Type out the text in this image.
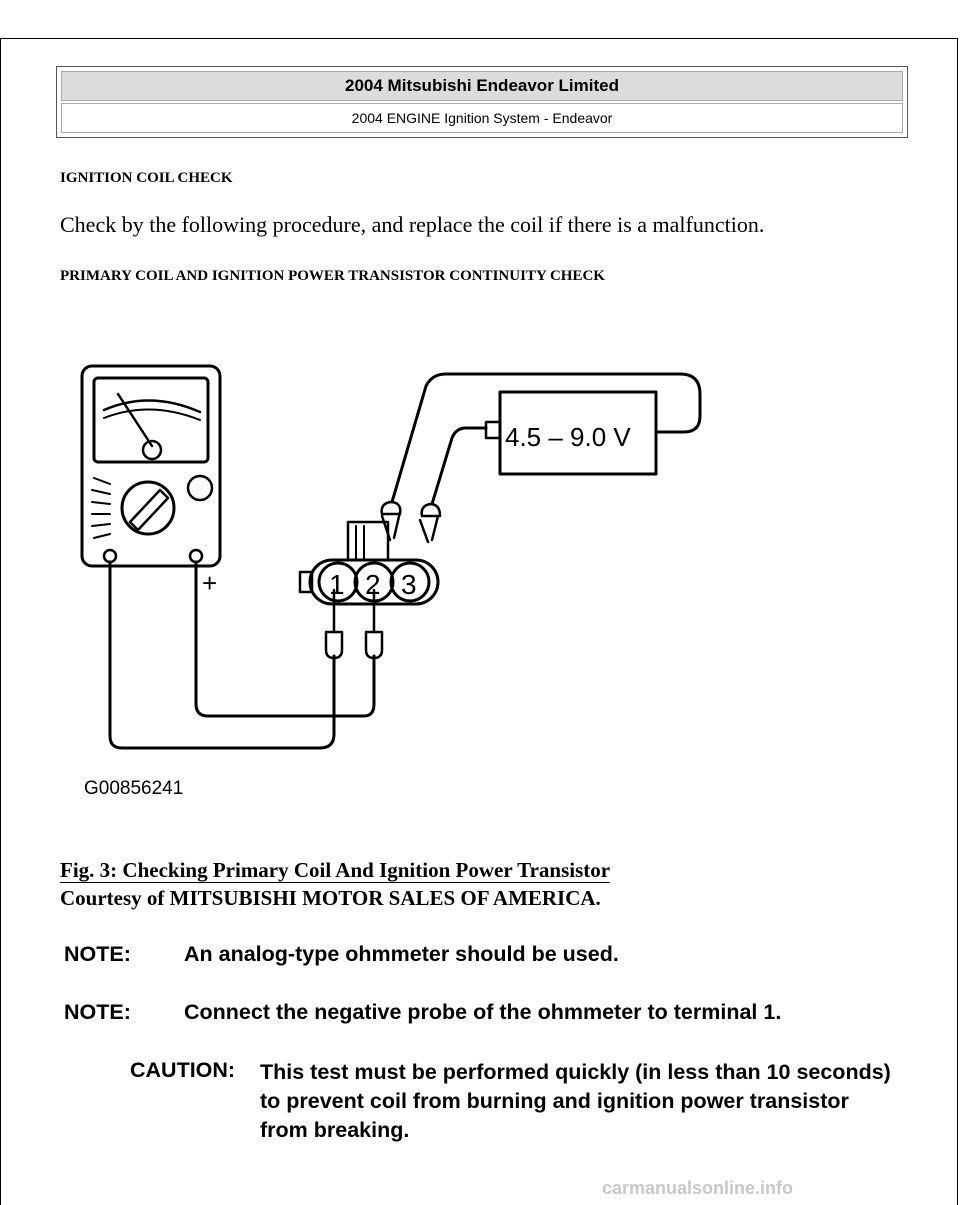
2004 Mitsubishi Endeavor Limited
2004 ENGINE Ignition System - Endeavor
IGNITION COIL CHECK
Check by the following procedure, and replace the coil if there is a malfunction.
PRIMARY COIL AND IGNITION POWER TRANSISTOR CONTINUITY CHECK
4.5 – 9.0 V
+	1 2 3
G00856241
Fig. 3: Checking Primary Coil And Ignition Power Transistor
Courtesy of MITSUBISHI MOTOR SALES OF AMERICA.
NOTE: An analog-type ohmmeter should be used.
NOTE: Connect the negative probe of the ohmmeter to terminal 1.
CAUTION: This test must be performed quickly (in less than 10 seconds) to prevent coil from burning and ignition power transistor from breaking.
carmanualsonline.info
